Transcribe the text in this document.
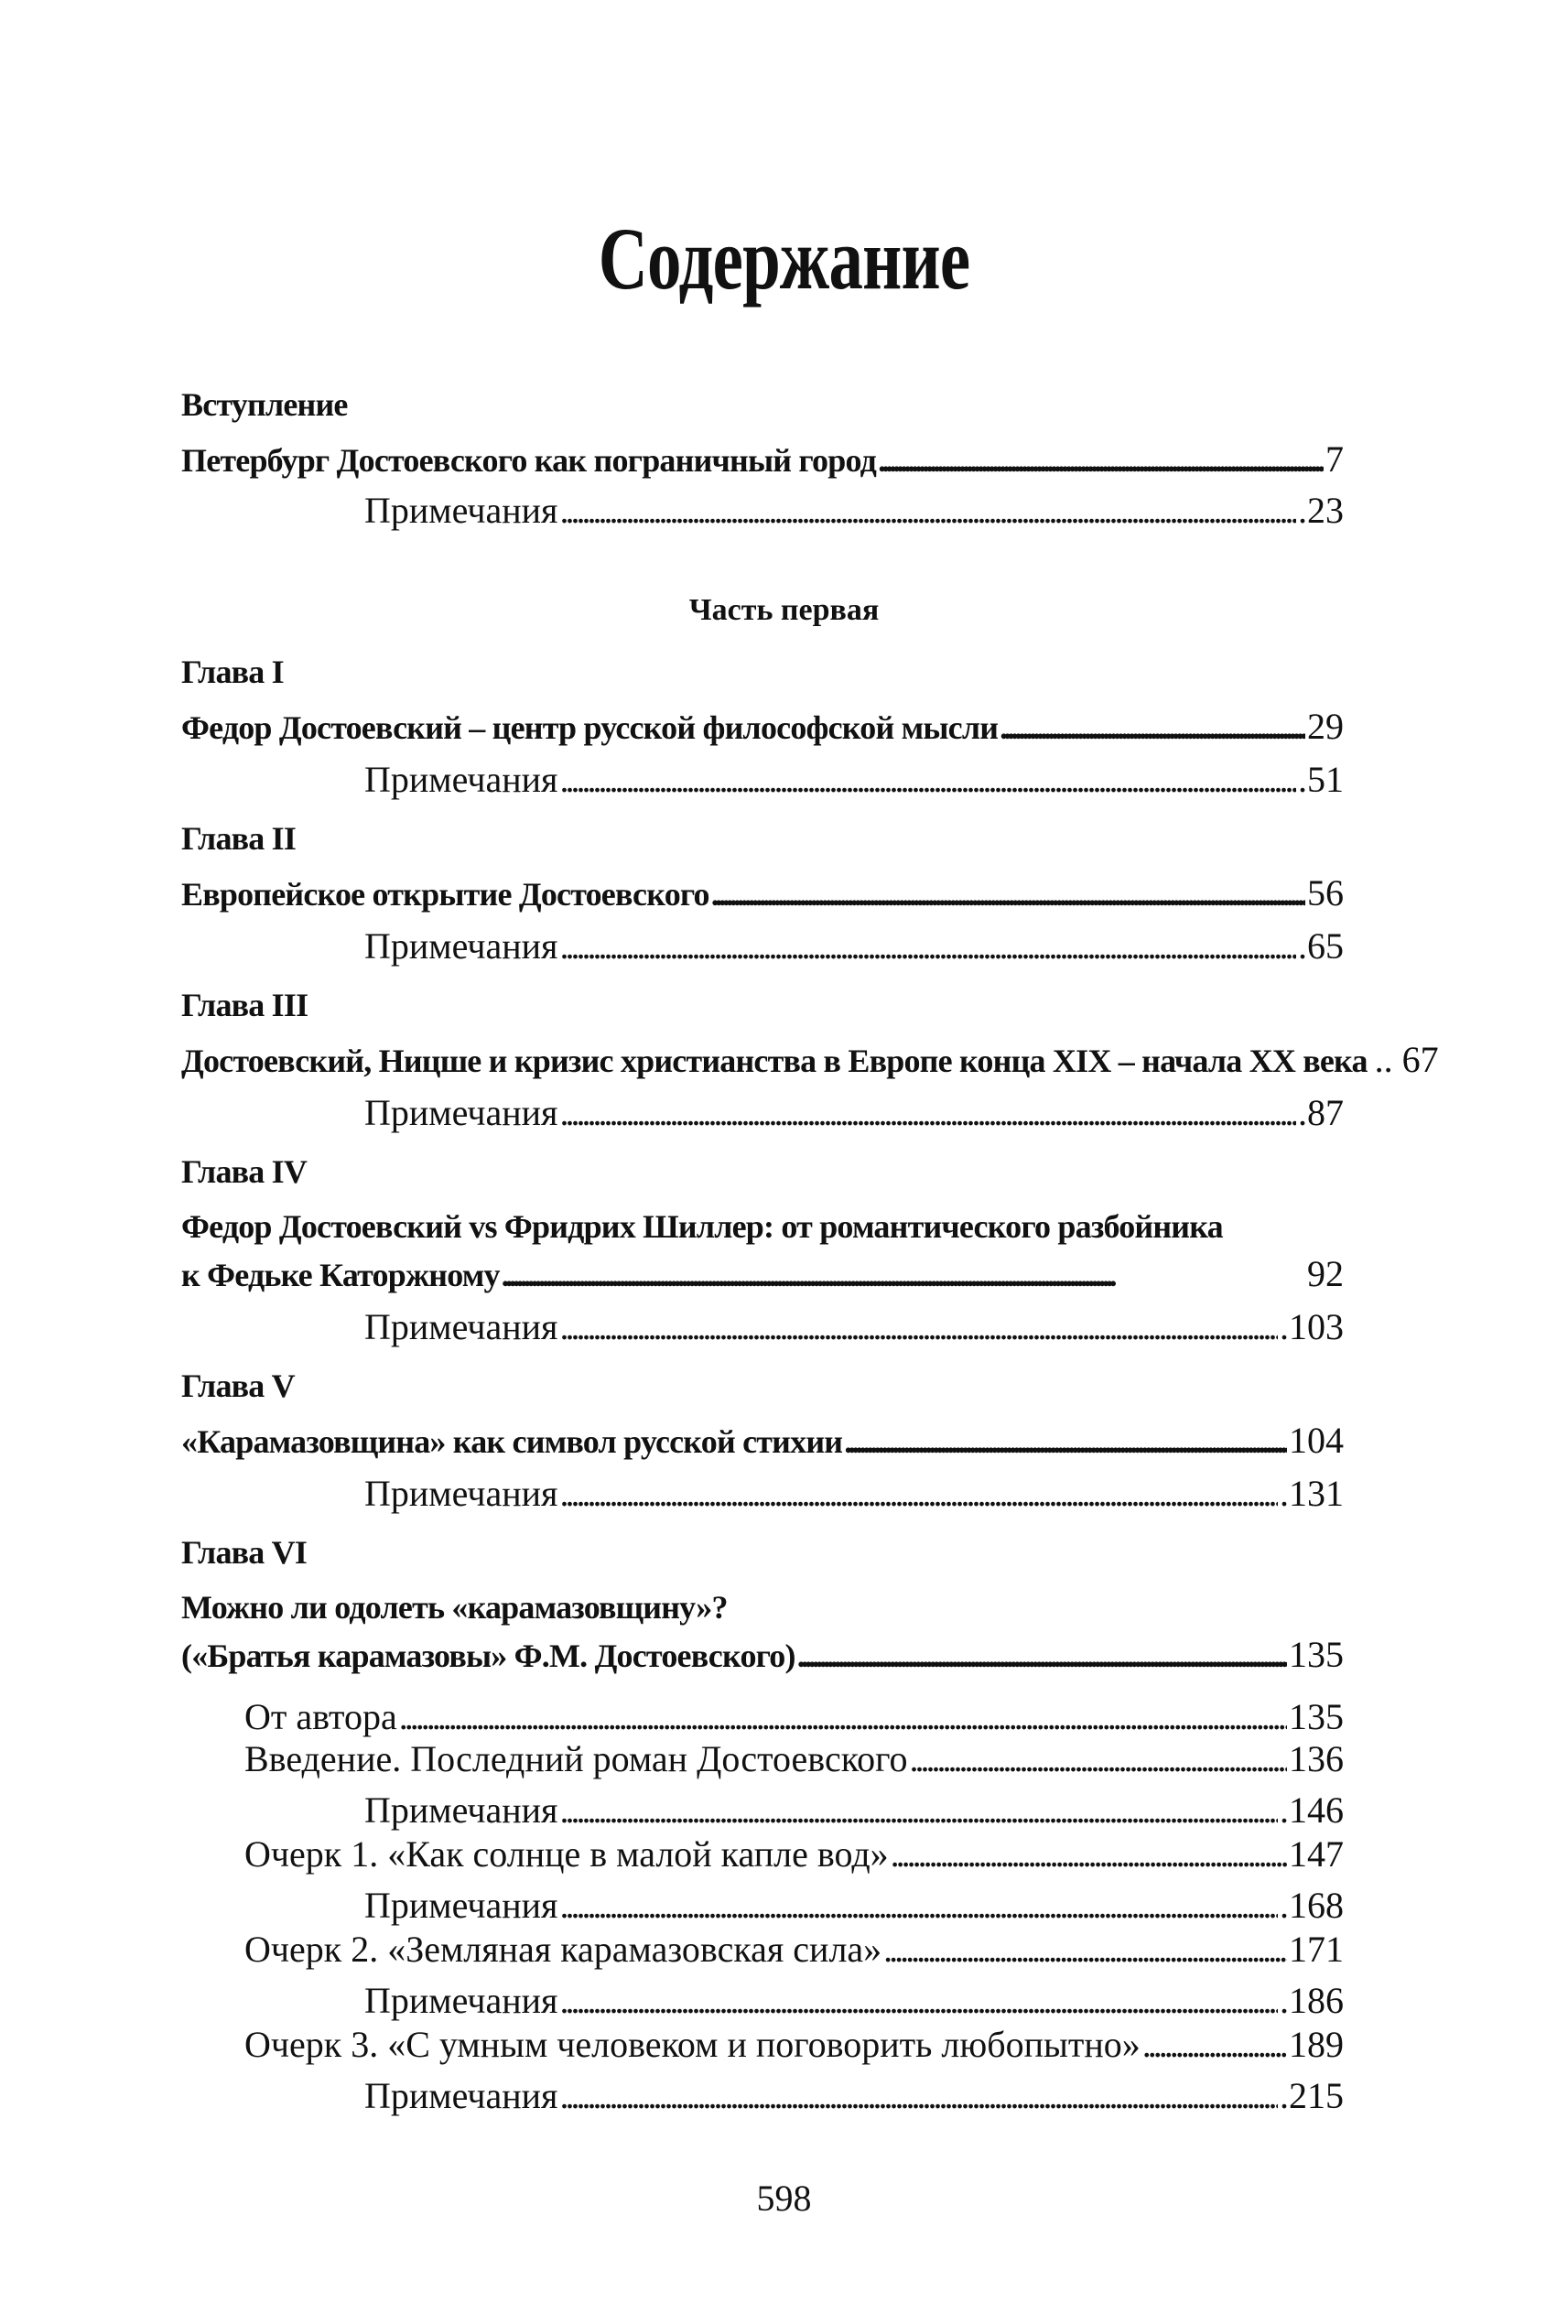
Содержание
Вступление
Петербург Достоевского как пограничный город . . .	7
Примечания . . .	.23
Часть первая
Глава I
Федор Достоевский – центр русской философской мысли . . .	29
Примечания . . .	.51
Глава II
Европейское открытие Достоевского . . .	56
Примечания . . .	.65
Глава III
Достоевский, Ницше и кризис христианства в Европе конца XIX – начала XX века .. 67
Примечания . . .	.87
Глава IV
Федор Достоевский vs Фридрих Шиллер: от романтического разбойника
к Федьке Каторжному . . .	92
Примечания . . .	.103
Глава V
«Карамазовщина» как символ русской стихии . . .	104
Примечания . . .	.131
Глава VI
Можно ли одолеть «карамазовщину»?
(«Братья карамазовы» Ф.М. Достоевского) . . .	135
От автора . . .	135
Введение. Последний роман Достоевского . . .	136
Примечания . . .	.146
Очерк 1. «Как солнце в малой капле вод» . . .	147
Примечания . . .	.168
Очерк 2. «Земляная карамазовская сила» . . .	171
Примечания . . .	.186
Очерк 3. «С умным человеком и поговорить любопытно» . . .	189
Примечания . . .	.215
598
